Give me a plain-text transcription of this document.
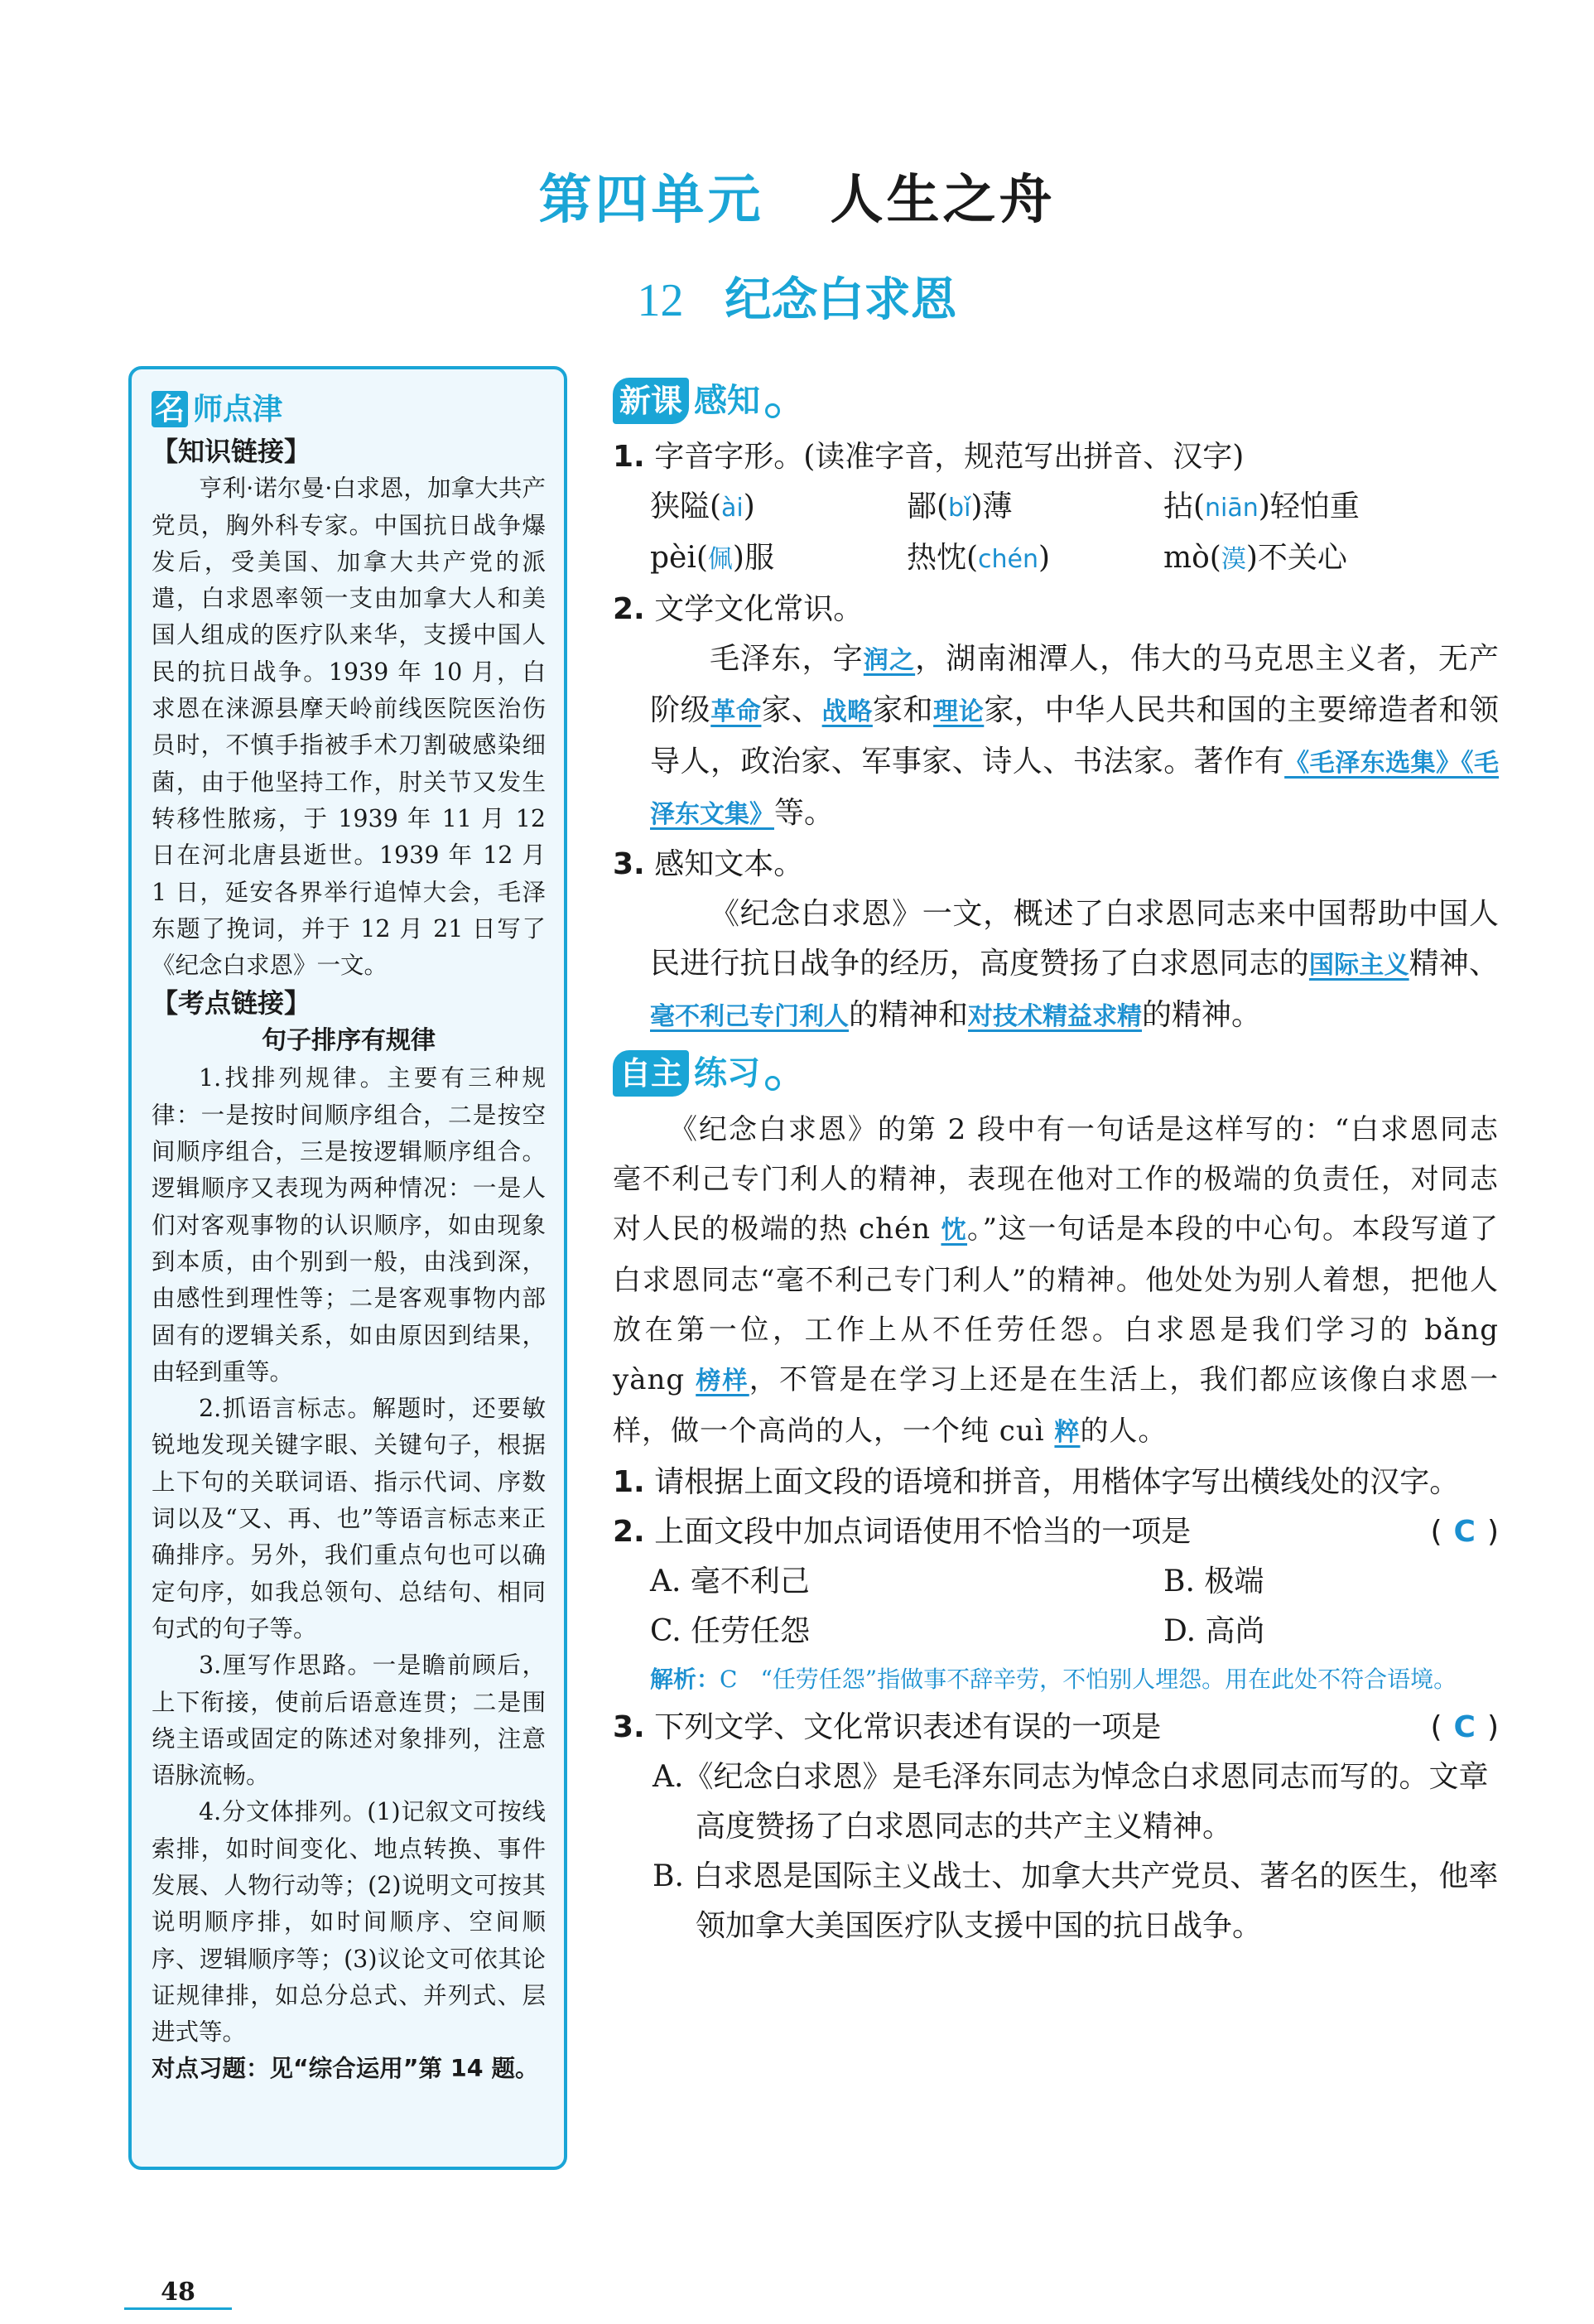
第四单元 人生之舟
12 纪念白求恩
名 师点津
【知识链接】

亨利·诺尔曼·白求恩，加拿大共产党员，胸外科专家。中国抗日战争爆发后，受美国、加拿大共产党的派遣，白求恩率领一支由加拿大人和美国人组成的医疗队来华，支援中国人民的抗日战争。1939 年 10 月，白求恩在涞源县摩天岭前线医院医治伤员时，不慎手指被手术刀割破感染细菌，由于他坚持工作，肘关节又发生转移性脓疡，于 1939 年 11 月 12 日在河北唐县逝世。1939 年 12 月 1 日，延安各界举行追悼大会，毛泽东题了挽词，并于 12 月 21 日写了《纪念白求恩》一文。

【考点链接】
句子排序有规律

1.找排列规律。主要有三种规律：一是按时间顺序组合，二是按空间顺序组合，三是按逻辑顺序组合。逻辑顺序又表现为两种情况：一是人们对客观事物的认识顺序，如由现象到本质，由个别到一般，由浅到深，由感性到理性等；二是客观事物内部固有的逻辑关系，如由原因到结果，由轻到重等。

2.抓语言标志。解题时，还要敏锐地发现关键字眼、关键句子，根据上下句的关联词语、指示代词、序数词以及“又、再、也”等语言标志来正确排序。另外，我们重点句也可以确定句序，如我总领句、总结句、相同句式的句子等。

3.厘写作思路。一是瞻前顾后，上下衔接，使前后语意连贯；二是围绕主语或固定的陈述对象排列，注意语脉流畅。

4.分文体排列。(1)记叙文可按线索排，如时间变化、地点转换、事件发展、人物行动等；(2)说明文可按其说明顺序排，如时间顺序、空间顺序、逻辑顺序等；(3)议论文可依其论证规律排，如总分总式、并列式、层进式等。

对点习题：见“综合运用”第 14 题。

新课 感知

1. 字音字形。(读准字音，规范写出拼音、汉字)

狭隘(ài)	鄙(bǐ)薄	拈(niān)轻怕重
pèi(佩)服	热忱(chén)	mò(漠)不关心

2. 文学文化常识。

毛泽东，字润之，湖南湘潭人，伟大的马克思主义者，无产阶级革命家、战略家和理论家，中华人民共和国的主要缔造者和领导人，政治家、军事家、诗人、书法家。著作有《毛泽东选集》《毛泽东文集》等。

3. 感知文本。

《纪念白求恩》一文，概述了白求恩同志来中国帮助中国人民进行抗日战争的经历，高度赞扬了白求恩同志的国际主义精神、毫不利己专门利人的精神和对技术精益求精的精神。

自主 练习

《纪念白求恩》的第 2 段中有一句话是这样写的：“白求恩同志毫不利己专门利人的精神，表现在他对工作的极端的负责任，对同志对人民的极端的热 chén 忱。”这一句话是本段的中心句。本段写道了白求恩同志“毫不利己专门利人”的精神。他处处为别人着想，把他人放在第一位，工作上从不任劳任怨。白求恩是我们学习的 bǎng yàng 榜样，不管是在学习上还是在生活上，我们都应该像白求恩一样，做一个高尚的人，一个纯 cuì 粹的人。

1. 请根据上面文段的语境和拼音，用楷体字写出横线处的汉字。

2. 上面文段中加点词语使用不恰当的一项是	( C )

A. 毫不利己	B. 极端
C. 任劳任怨	D. 高尚

解析：C　“任劳任怨”指做事不辞辛劳，不怕别人埋怨。用在此处不符合语境。

3. 下列文学、文化常识表述有误的一项是	( C )

A.《纪念白求恩》是毛泽东同志为悼念白求恩同志而写的。文章高度赞扬了白求恩同志的共产主义精神。

B. 白求恩是国际主义战士、加拿大共产党员、著名的医生，他率领加拿大美国医疗队支援中国的抗日战争。

48
